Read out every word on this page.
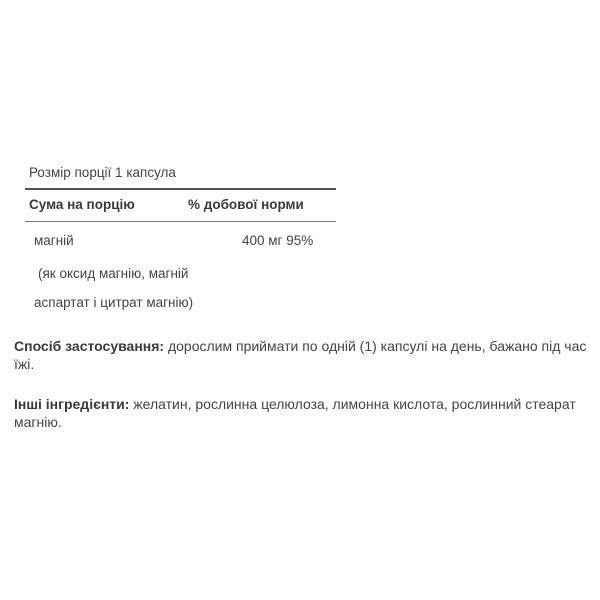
Розмір порції 1 капсула
Сума на порцію	% добової норми
магній	400 мг 95%
(як оксид магнію, магній
аспартат і цитрат магнію)
Спосіб застосування: дорослим приймати по одній (1) капсулі на день, бажано під час їжі.
Інші інгредієнти: желатин, рослинна целюлоза, лимонна кислота, рослинний стеарат магнію.
